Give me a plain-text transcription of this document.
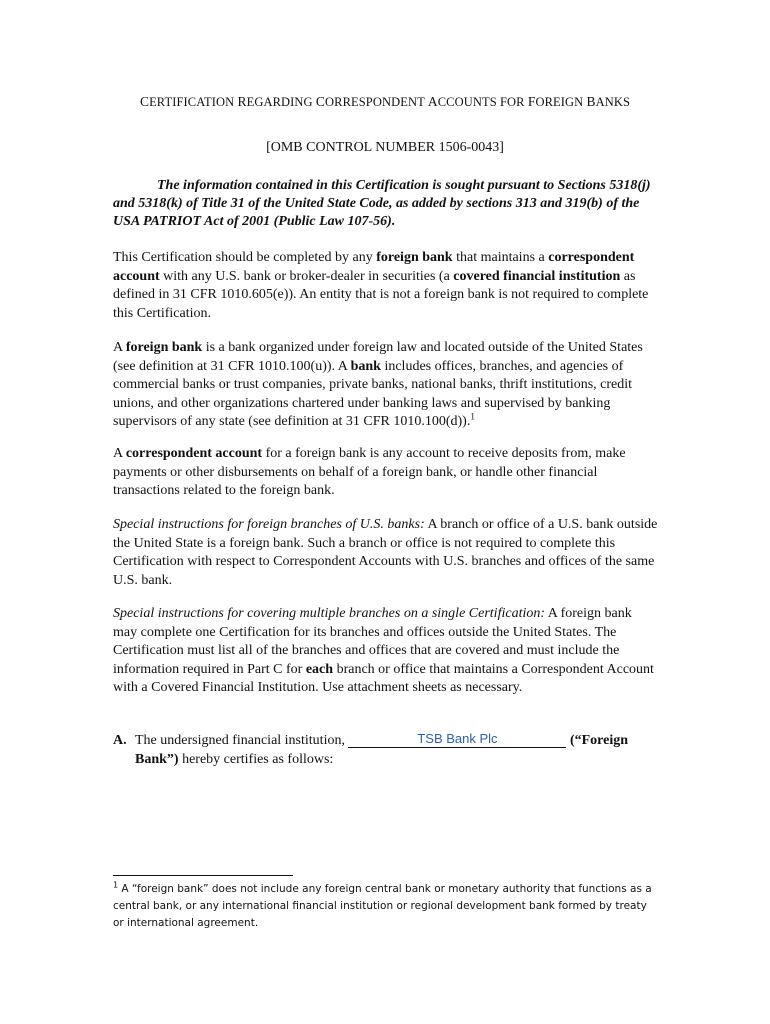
CERTIFICATION REGARDING CORRESPONDENT ACCOUNTS FOR FOREIGN BANKS
[OMB CONTROL NUMBER 1506-0043]
The information contained in this Certification is sought pursuant to Sections 5318(j) and 5318(k) of Title 31 of the United State Code, as added by sections 313 and 319(b) of the USA PATRIOT Act of 2001 (Public Law 107-56).
This Certification should be completed by any foreign bank that maintains a correspondent account with any U.S. bank or broker-dealer in securities (a covered financial institution as defined in 31 CFR 1010.605(e)). An entity that is not a foreign bank is not required to complete this Certification.
A foreign bank is a bank organized under foreign law and located outside of the United States (see definition at 31 CFR 1010.100(u)). A bank includes offices, branches, and agencies of commercial banks or trust companies, private banks, national banks, thrift institutions, credit unions, and other organizations chartered under banking laws and supervised by banking supervisors of any state (see definition at 31 CFR 1010.100(d)).$^1$
A correspondent account for a foreign bank is any account to receive deposits from, make payments or other disbursements on behalf of a foreign bank, or handle other financial transactions related to the foreign bank.
Special instructions for foreign branches of U.S. banks: A branch or office of a U.S. bank outside the United State is a foreign bank. Such a branch or office is not required to complete this Certification with respect to Correspondent Accounts with U.S. branches and offices of the same U.S. bank.
Special instructions for covering multiple branches on a single Certification: A foreign bank may complete one Certification for its branches and offices outside the United States. The Certification must list all of the branches and offices that are covered and must include the information required in Part C for each branch or office that maintains a Correspondent Account with a Covered Financial Institution. Use attachment sheets as necessary.
A. The undersigned financial institution,	TSB Bank Plc	(“Foreign
Bank”) hereby certifies as follows:
$^1$ A “foreign bank” does not include any foreign central bank or monetary authority that functions as a central bank, or any international financial institution or regional development bank formed by treaty or international agreement.
